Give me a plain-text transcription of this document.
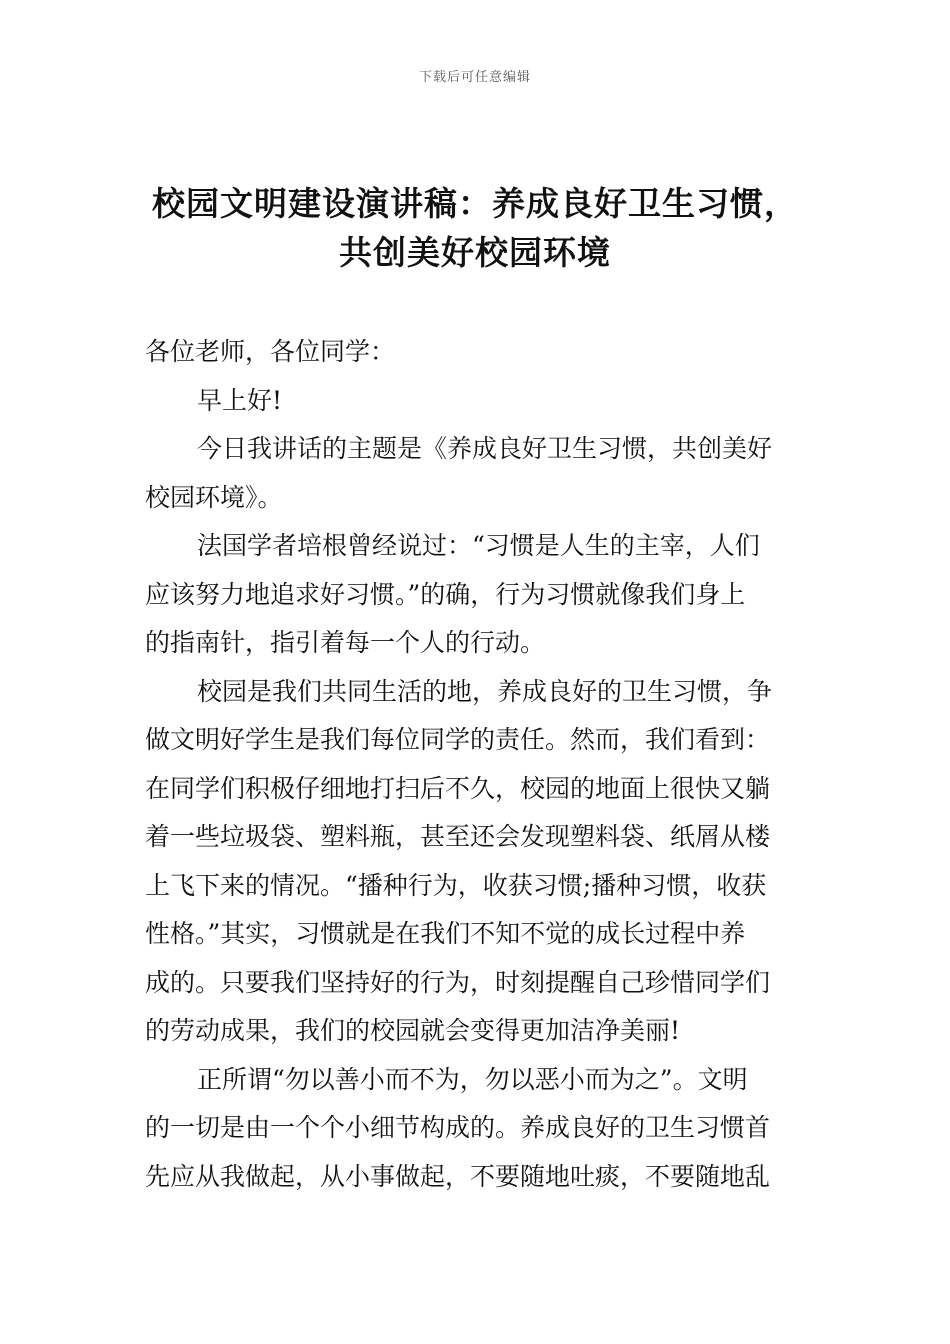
下载后可任意编辑
校园文明建设演讲稿：养成良好卫生习惯，
共创美好校园环境
各位老师，各位同学：
早上好!
今日我讲话的主题是《养成良好卫生习惯，共创美好
校园环境》。
法国学者培根曾经说过：“习惯是人生的主宰，人们
应该努力地追求好习惯。”的确，行为习惯就像我们身上
的指南针，指引着每一个人的行动。
校园是我们共同生活的地，养成良好的卫生习惯，争
做文明好学生是我们每位同学的责任。然而，我们看到：
在同学们积极仔细地打扫后不久，校园的地面上很快又躺
着一些垃圾袋、塑料瓶，甚至还会发现塑料袋、纸屑从楼
上飞下来的情况。“播种行为，收获习惯;播种习惯，收获
性格。”其实，习惯就是在我们不知不觉的成长过程中养
成的。只要我们坚持好的行为，时刻提醒自己珍惜同学们
的劳动成果，我们的校园就会变得更加洁净美丽!
正所谓“勿以善小而不为，勿以恶小而为之”。文明
的一切是由一个个小细节构成的。养成良好的卫生习惯首
先应从我做起，从小事做起，不要随地吐痰，不要随地乱
